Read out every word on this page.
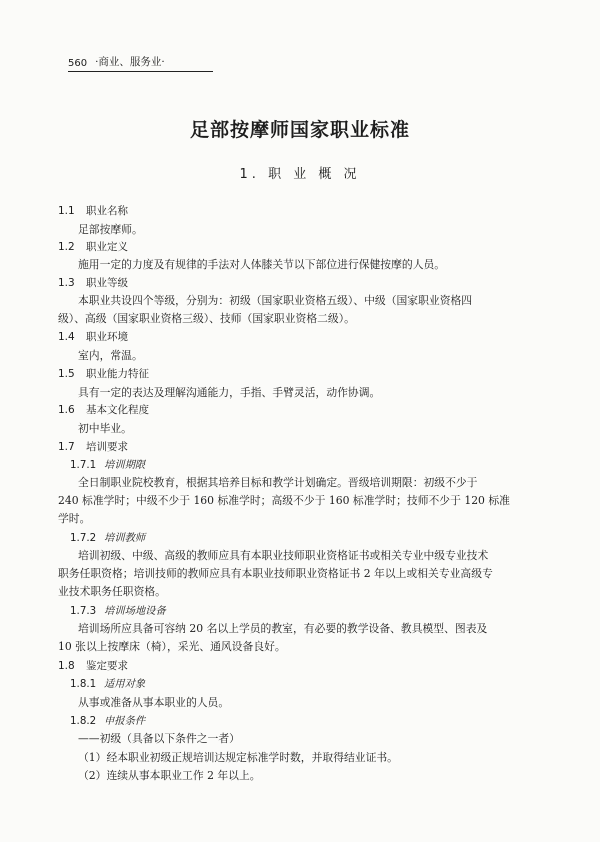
560 ·商业、服务业·
足部按摩师国家职业标准
1. 职 业 概 况
1.1 职业名称
足部按摩师。
1.2 职业定义
施用一定的力度及有规律的手法对人体膝关节以下部位进行保健按摩的人员。
1.3 职业等级
本职业共设四个等级，分别为：初级（国家职业资格五级）、中级（国家职业资格四
级）、高级（国家职业资格三级）、技师（国家职业资格二级）。
1.4 职业环境
室内，常温。
1.5 职业能力特征
具有一定的表达及理解沟通能力，手指、手臂灵活，动作协调。
1.6 基本文化程度
初中毕业。
1.7 培训要求
1.7.1 培训期限
全日制职业院校教育，根据其培养目标和教学计划确定。晋级培训期限：初级不少于
240 标准学时；中级不少于 160 标准学时；高级不少于 160 标准学时；技师不少于 120 标准
学时。
1.7.2 培训教师
培训初级、中级、高级的教师应具有本职业技师职业资格证书或相关专业中级专业技术
职务任职资格；培训技师的教师应具有本职业技师职业资格证书 2 年以上或相关专业高级专
业技术职务任职资格。
1.7.3 培训场地设备
培训场所应具备可容纳 20 名以上学员的教室，有必要的教学设备、教具模型、图表及
10 张以上按摩床（椅），采光、通风设备良好。
1.8 鉴定要求
1.8.1 适用对象
从事或准备从事本职业的人员。
1.8.2 申报条件
——初级（具备以下条件之一者）
（1）经本职业初级正规培训达规定标准学时数，并取得结业证书。
（2）连续从事本职业工作 2 年以上。
